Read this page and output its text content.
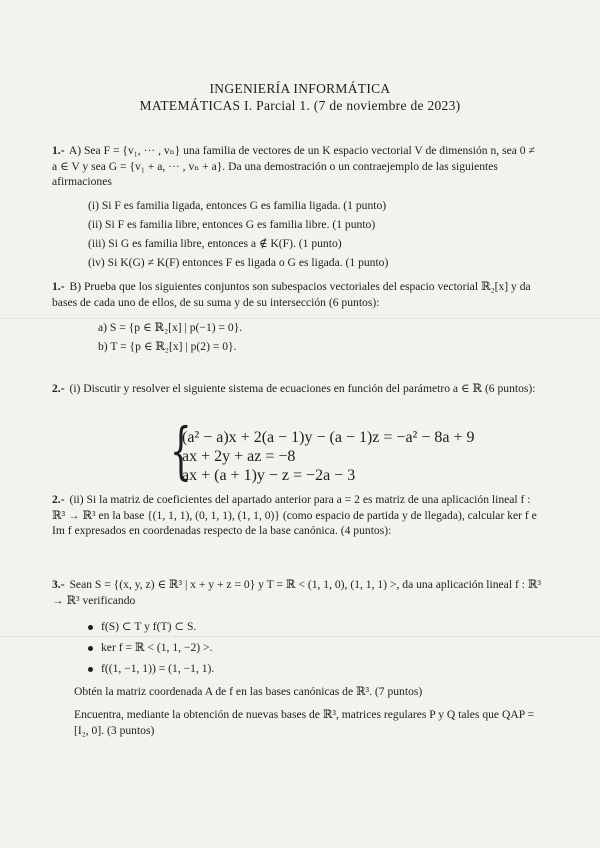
INGENIERÍA INFORMÁTICA
MATEMÁTICAS I. Parcial 1. (7 de noviembre de 2023)
1.- A) Sea F = {v₁, ··· , vₙ} una familia de vectores de un K espacio vectorial V de dimensión n, sea 0 ≠ a ∈ V y sea G = {v₁ + a, ··· , vₙ + a}. Da una demostración o un contraejemplo de las siguientes afirmaciones
(i) Si F es familia ligada, entonces G es familia ligada. (1 punto)
(ii) Si F es familia libre, entonces G es familia libre. (1 punto)
(iii) Si G es familia libre, entonces a ∉ K(F). (1 punto)
(iv) Si K(G) ≠ K(F) entonces F es ligada o G es ligada. (1 punto)
1.- B) Prueba que los siguientes conjuntos son subespacios vectoriales del espacio vectorial ℝ₂[x] y da bases de cada uno de ellos, de su suma y de su intersección (6 puntos):
a) S = {p ∈ ℝ₂[x] | p(−1) = 0}.
b) T = {p ∈ ℝ₂[x] | p(2) = 0}.
2.- (i) Discutir y resolver el siguiente sistema de ecuaciones en función del parámetro a ∈ ℝ (6 puntos):
{
(a² − a)x + 2(a − 1)y − (a − 1)z = −a² − 8a + 9
ax + 2y + az = −8
ax + (a + 1)y − z = −2a − 3
2.- (ii) Si la matriz de coeficientes del apartado anterior para a = 2 es matriz de una aplicación lineal f : ℝ³ → ℝ³ en la base {(1, 1, 1), (0, 1, 1), (1, 1, 0)} (como espacio de partida y de llegada), calcular ker f e Im f expresados en coordenadas respecto de la base canónica. (4 puntos):
3.- Sean S = {(x, y, z) ∈ ℝ³ | x + y + z = 0} y T = ℝ < (1, 1, 0), (1, 1, 1) >, da una aplicación lineal f : ℝ³ → ℝ³ verificando
f(S) ⊂ T y f(T) ⊂ S.
ker f = ℝ < (1, 1, −2) >.
f((1, −1, 1)) = (1, −1, 1).
Obtén la matriz coordenada A de f en las bases canónicas de ℝ³. (7 puntos)
Encuentra, mediante la obtención de nuevas bases de ℝ³, matrices regulares P y Q tales que QAP = [I₂, 0]. (3 puntos)
